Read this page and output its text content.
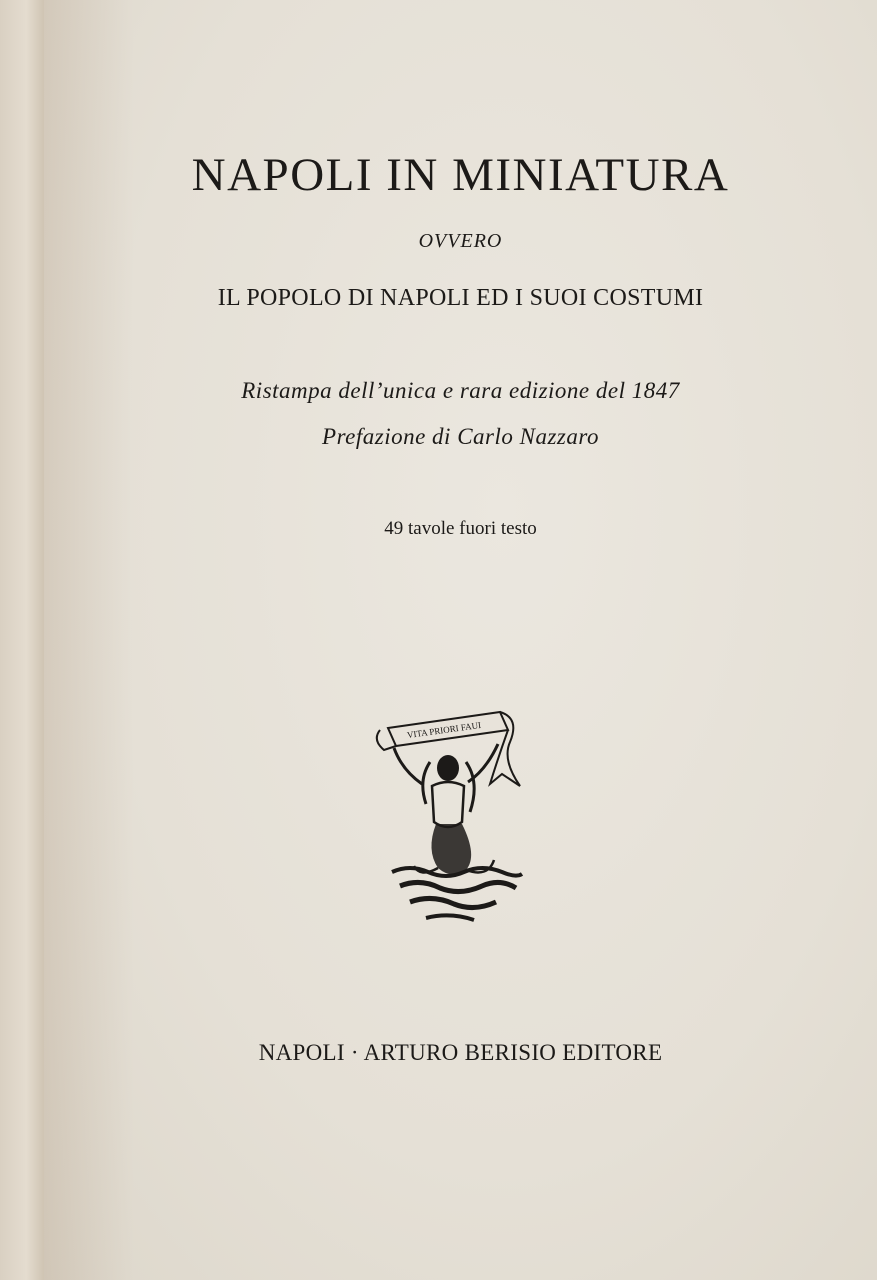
NAPOLI IN MINIATURA
OVVERO
IL POPOLO DI NAPOLI ED I SUOI COSTUMI
Ristampa dell’unica e rara edizione del 1847
Prefazione di Carlo Nazzaro
49 tavole fuori testo
VITA PRIORI FAUI
NAPOLI · ARTURO BERISIO EDITORE
